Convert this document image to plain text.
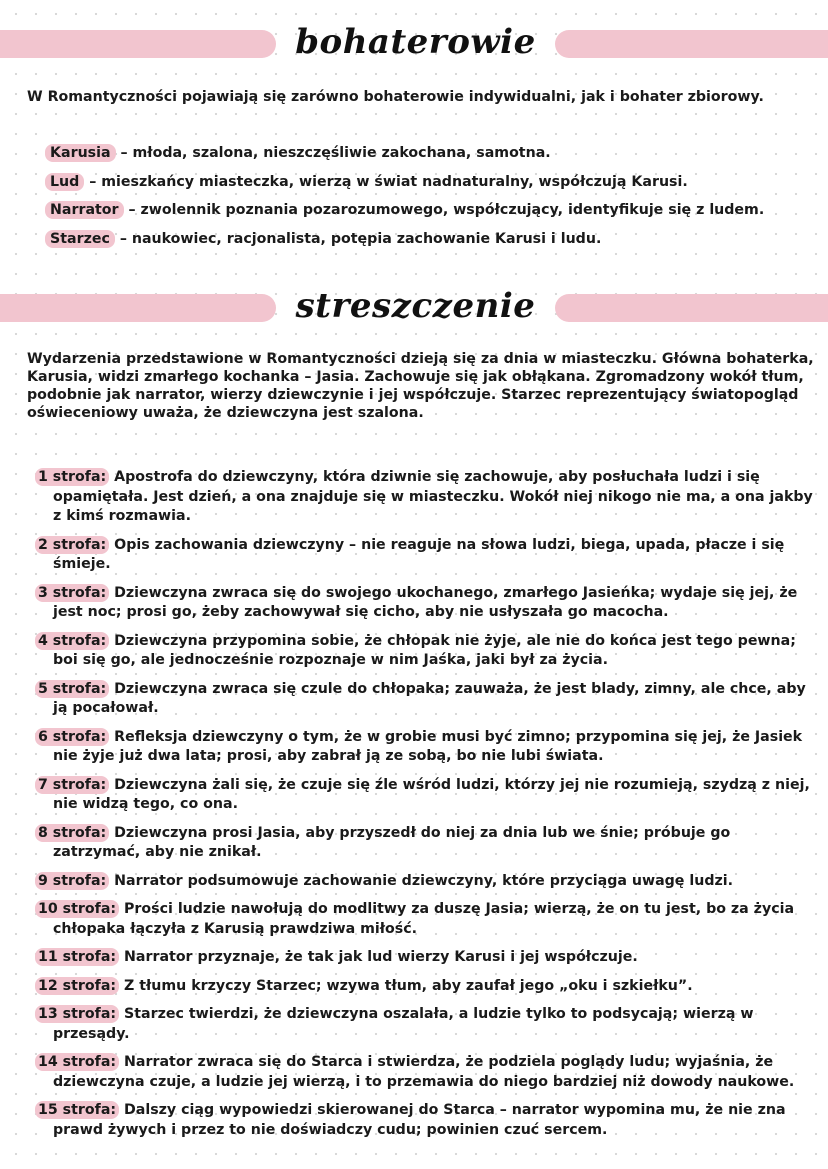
bohaterowie

W Romantyczności pojawiają się zarówno bohaterowie indywidualni, jak i bohater zbiorowy.

Karusia – młoda, szalona, nieszczęśliwie zakochana, samotna.
Lud – mieszkańcy miasteczka, wierzą w świat nadnaturalny, współczują Karusi.
Narrator – zwolennik poznania pozarozumowego, współczujący, identyfikuje się z ludem.
Starzec – naukowiec, racjonalista, potępia zachowanie Karusi i ludu.
streszczenie

Wydarzenia przedstawione w Romantyczności dzieją się za dnia w miasteczku. Główna bohaterka, Karusia, widzi zmarłego kochanka – Jasia. Zachowuje się jak obłąkana. Zgromadzony wokół tłum, podobnie jak narrator, wierzy dziewczynie i jej współczuje. Starzec reprezentujący światopogląd oświeceniowy uważa, że dziewczyna jest szalona.

1 strofa: Apostrofa do dziewczyny, która dziwnie się zachowuje, aby posłuchała ludzi i się opamiętała. Jest dzień, a ona znajduje się w miasteczku. Wokół niej nikogo nie ma, a ona jakby z kimś rozmawia.
2 strofa: Opis zachowania dziewczyny – nie reaguje na słowa ludzi, biega, upada, płacze i się śmieje.
3 strofa: Dziewczyna zwraca się do swojego ukochanego, zmarłego Jasieńka; wydaje się jej, że jest noc; prosi go, żeby zachowywał się cicho, aby nie usłyszała go macocha.
4 strofa: Dziewczyna przypomina sobie, że chłopak nie żyje, ale nie do końca jest tego pewna; boi się go, ale jednocześnie rozpoznaje w nim Jaśka, jaki był za życia.
5 strofa: Dziewczyna zwraca się czule do chłopaka; zauważa, że jest blady, zimny, ale chce, aby ją pocałował.
6 strofa: Refleksja dziewczyny o tym, że w grobie musi być zimno; przypomina się jej, że Jasiek nie żyje już dwa lata; prosi, aby zabrał ją ze sobą, bo nie lubi świata.
7 strofa: Dziewczyna żali się, że czuje się źle wśród ludzi, którzy jej nie rozumieją, szydzą z niej, nie widzą tego, co ona.
8 strofa: Dziewczyna prosi Jasia, aby przyszedł do niej za dnia lub we śnie; próbuje go zatrzymać, aby nie znikał.
9 strofa: Narrator podsumowuje zachowanie dziewczyny, które przyciąga uwagę ludzi.
10 strofa: Prości ludzie nawołują do modlitwy za duszę Jasia; wierzą, że on tu jest, bo za życia chłopaka łączyła z Karusią prawdziwa miłość.
11 strofa: Narrator przyznaje, że tak jak lud wierzy Karusi i jej współczuje.
12 strofa: Z tłumu krzyczy Starzec; wzywa tłum, aby zaufał jego „oku i szkiełku”.
13 strofa: Starzec twierdzi, że dziewczyna oszalała, a ludzie tylko to podsycają; wierzą w przesądy.
14 strofa: Narrator zwraca się do Starca i stwierdza, że podziela poglądy ludu; wyjaśnia, że dziewczyna czuje, a ludzie jej wierzą, i to przemawia do niego bardziej niż dowody naukowe.
15 strofa: Dalszy ciąg wypowiedzi skierowanej do Starca – narrator wypomina mu, że nie zna prawd żywych i przez to nie doświadczy cudu; powinien czuć sercem.
